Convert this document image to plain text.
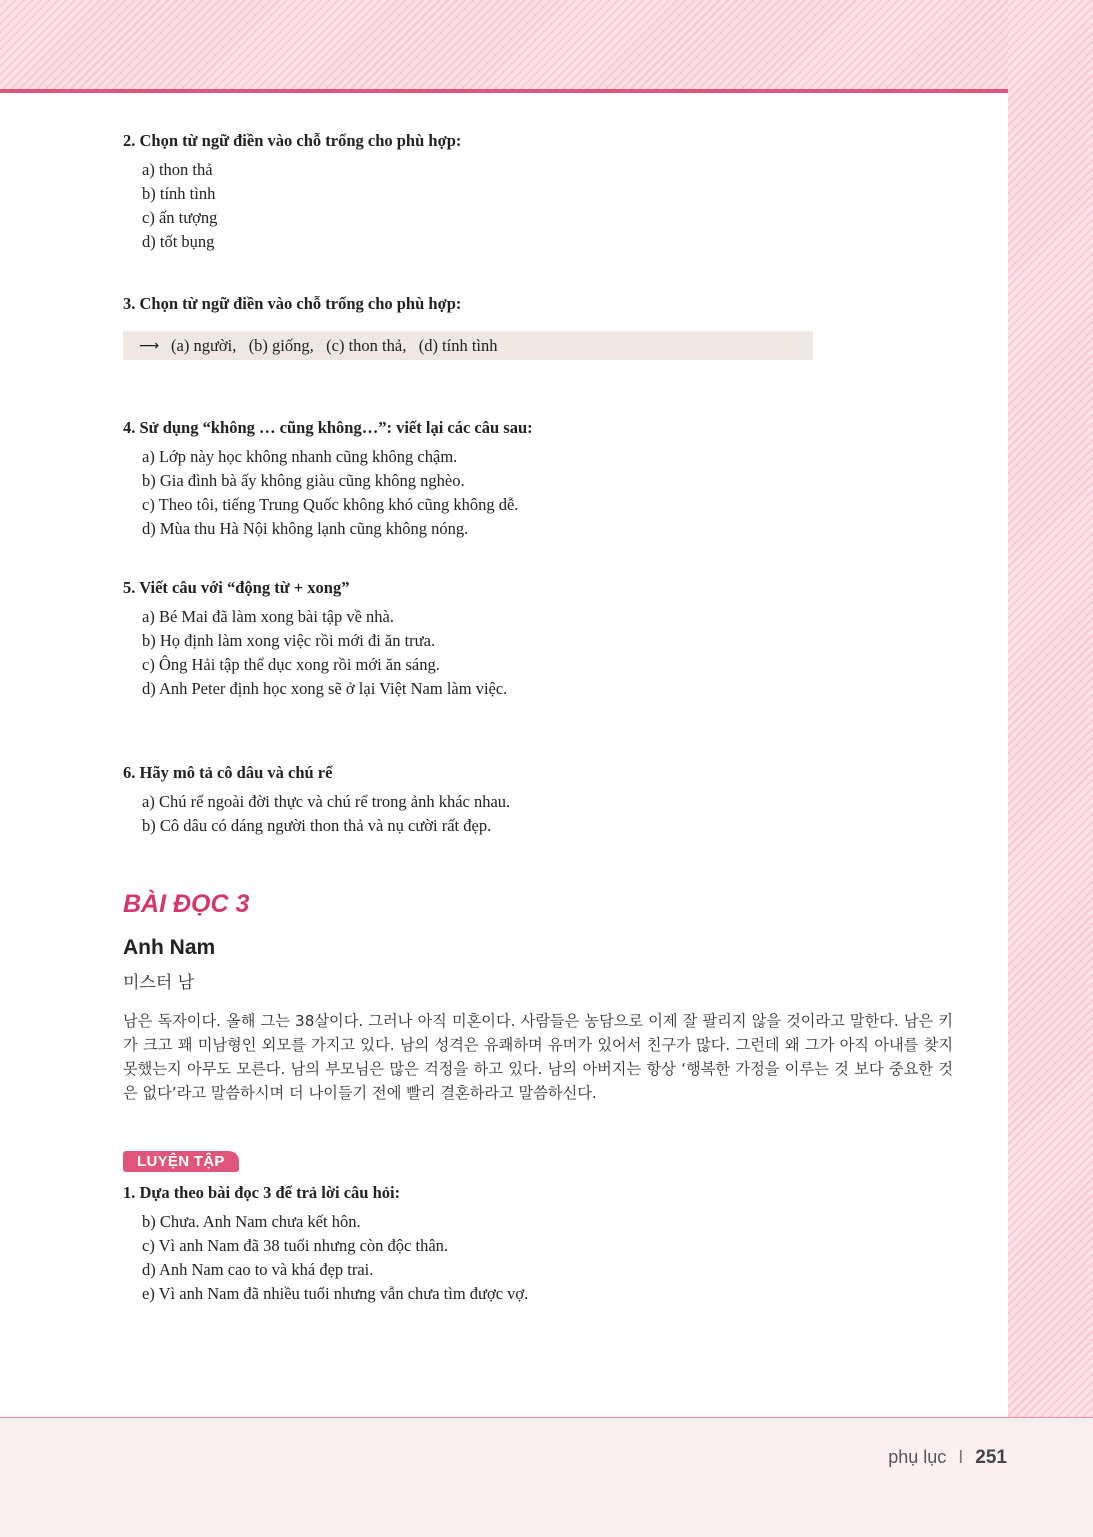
2. Chọn từ ngữ điền vào chỗ trống cho phù hợp:

a) thon thả
b) tính tình
c) ấn tượng
d) tốt bụng

3. Chọn từ ngữ điền vào chỗ trống cho phù hợp:

⟶ (a) người,   (b) giống,   (c) thon thả,   (d) tính tình

4. Sử dụng “không … cũng không…”: viết lại các câu sau:

a) Lớp này học không nhanh cũng không chậm.
b) Gia đình bà ấy không giàu cũng không nghèo.
c) Theo tôi, tiếng Trung Quốc không khó cũng không dễ.
d) Mùa thu Hà Nội không lạnh cũng không nóng.

5. Viết câu với “động từ + xong”

a) Bé Mai đã làm xong bài tập về nhà.
b) Họ định làm xong việc rồi mới đi ăn trưa.
c) Ông Hải tập thể dục xong rồi mới ăn sáng.
d) Anh Peter định học xong sẽ ở lại Việt Nam làm việc.

6. Hãy mô tả cô dâu và chú rể

a) Chú rể ngoài đời thực và chú rể trong ảnh khác nhau.
b) Cô dâu có dáng người thon thả và nụ cười rất đẹp.
BÀI ĐỌC 3
Anh Nam

미스터 남

남은 독자이다. 올해 그는 38살이다. 그러나 아직 미혼이다. 사람들은 농담으로 이제 잘 팔리지 않을 것이라고 말한다. 남은 키가 크고 꽤 미남형인 외모를 가지고 있다. 남의 성격은 유쾌하며 유머가 있어서 친구가 많다. 그런데 왜 그가 아직 아내를 찾지 못했는지 아무도 모른다. 남의 부모님은 많은 걱정을 하고 있다. 남의 아버지는 항상 ‘행복한 가정을 이루는 것 보다 중요한 것은 없다’라고 말씀하시며 더 나이들기 전에 빨리 결혼하라고 말씀하신다.

LUYỆN TẬP

1. Dựa theo bài đọc 3 để trả lời câu hỏi:

b) Chưa. Anh Nam chưa kết hôn.
c) Vì anh Nam đã 38 tuổi nhưng còn độc thân.
d) Anh Nam cao to và khá đẹp trai.
e) Vì anh Nam đã nhiều tuổi nhưng vẫn chưa tìm được vợ.
phụ lục I 251
